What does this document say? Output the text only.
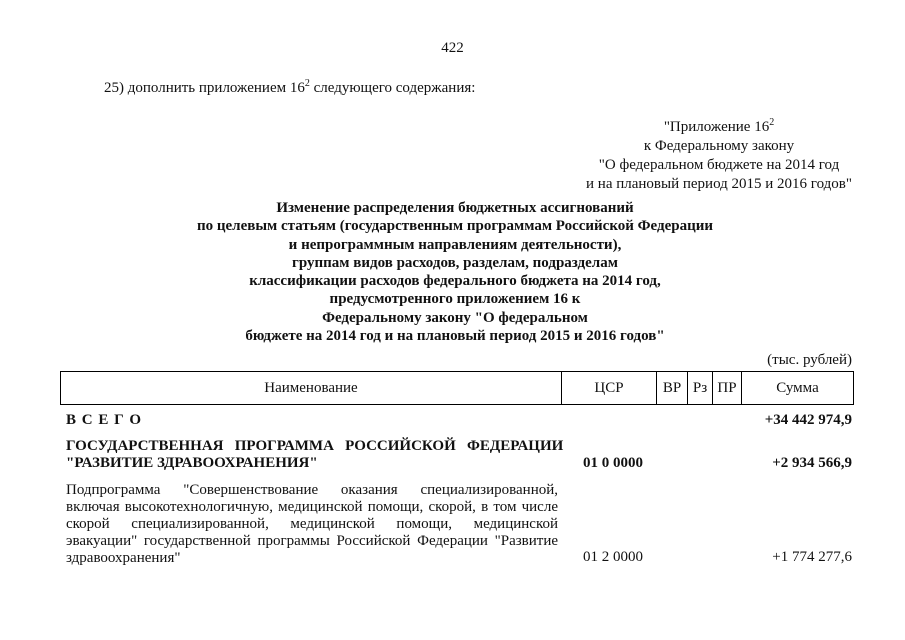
422
25) дополнить приложением $16^2$ следующего содержания:
"Приложение $16^2$
к Федеральному закону
"О федеральном бюджете на 2014 год
и на плановый период 2015 и 2016 годов"
Изменение распределения бюджетных ассигнований
по целевым статьям (государственным программам Российской Федерации
и непрограммным направлениям деятельности),
группам видов расходов, разделам, подразделам
классификации расходов федерального бюджета на 2014 год,
предусмотренного приложением 16 к
Федеральному закону "О федеральном
бюджете на 2014 год и на плановый период 2015 и 2016 годов"
(тыс. рублей)
Наименование	ЦСР	ВР	Рз	ПР	Сумма
В С Е Г О	+34 442 974,9
ГОСУДАРСТВЕННАЯ   ПРОГРАММА   РОССИЙСКОЙ   ФЕДЕРАЦИИ
"РАЗВИТИЕ ЗДРАВООХРАНЕНИЯ"	01 0 0000	+2 934 566,9
Подпрограмма "Совершенствование оказания специализированной, включая высокотехнологичную, медицинской помощи, скорой, в том числе скорой специализированной, медицинской помощи, медицинской эвакуации" государственной программы Российской Федерации "Развитие здравоохранения"	01 2 0000	+1 774 277,6
